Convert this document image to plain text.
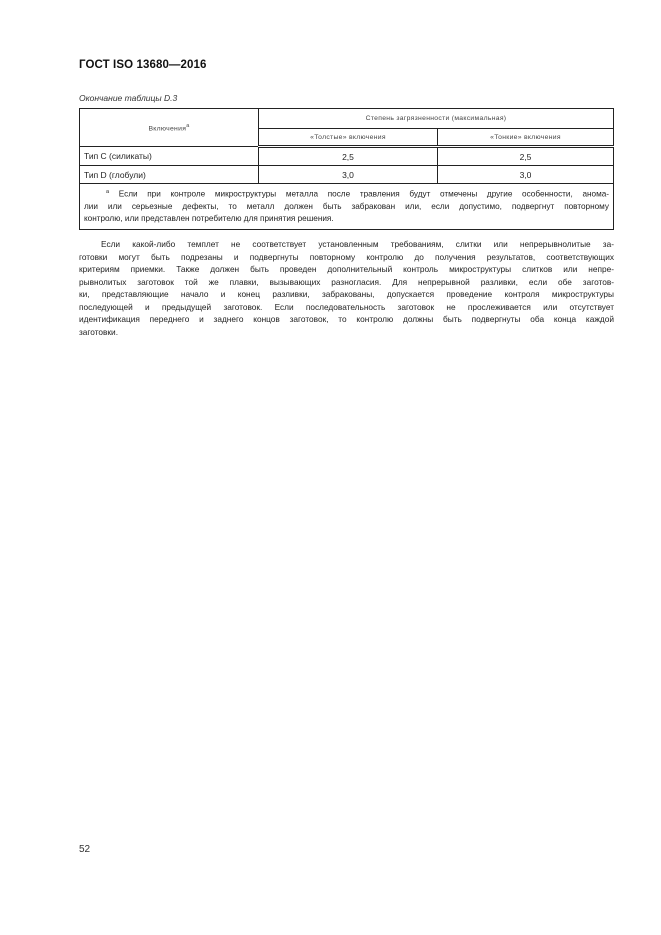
ГОСТ ISO 13680—2016
Окончание таблицы D.3
Включения$^a$	Степень загрязненности (максимальная)	
	«Толстые» включения	«Тонкие» включения
Тип C (силикаты)	2,5	2,5
Тип D (глобули)	3,0	3,0

$^a$ Если при контроле микроструктуры металла после травления будут отмечены другие особенности, анома-
лии или серьезные дефекты, то металл должен быть забракован или, если допустимо, подвергнут повторному
контролю, или представлен потребителю для принятия решения.		
Если какой-либо темплет не соответствует установленным требованиям, слитки или непрерывнолитые за-
готовки могут быть подрезаны и подвергнуты повторному контролю до получения результатов, соответствующих
критериям приемки. Также должен быть проведен дополнительный контроль микроструктуры слитков или непре-
рывнолитых заготовок той же плавки, вызывающих разногласия. Для непрерывной разливки, если обе заготов-
ки, представляющие начало и конец разливки, забракованы, допускается проведение контроля микроструктуры
последующей и предыдущей заготовок. Если последовательность заготовок не прослеживается или отсутствует
идентификация переднего и заднего концов заготовок, то контролю должны быть подвергнуты оба конца каждой
заготовки.
52
